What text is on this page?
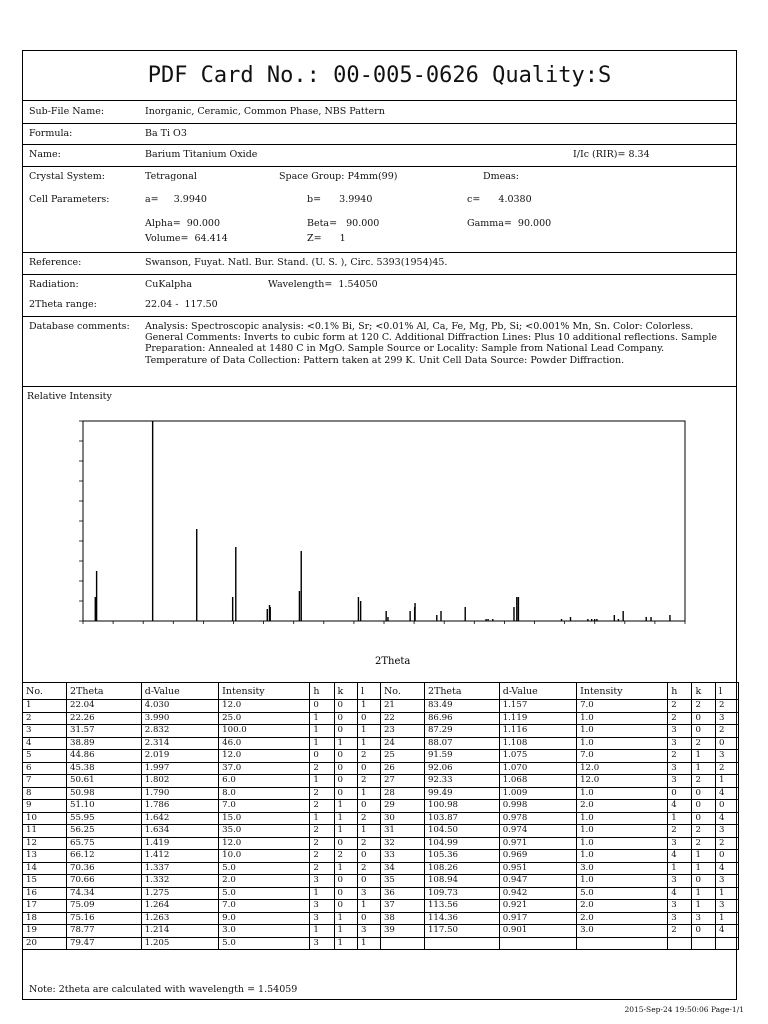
PDF Card No.: 00-005-0626 Quality:S
Sub-File Name:	Inorganic, Ceramic, Common Phase, NBS Pattern
Formula:	Ba Ti O3
Name:	Barium Titanium Oxide	I/Ic (RIR)= 8.34
Crystal System:	Tetragonal	Space Group: P4mm(99)	Dmeas:
Cell Parameters:	a=     3.9940	b=      3.9940	c=      4.0380
Alpha=  90.000	Beta=   90.000	Gamma=  90.000
Volume=  64.414	Z=      1
Reference:	Swanson, Fuyat. Natl. Bur. Stand. (U. S. ), Circ. 5393(1954)45.
Radiation:	CuKalpha	Wavelength=  1.54050
2Theta range:	22.04 -  117.50
Database comments: Analysis: Spectroscopic analysis: <0.1% Bi, Sr; <0.01% Al, Ca, Fe, Mg, Pb, Si; <0.001% Mn, Sn. Color: Colorless. General Comments: Inverts to cubic form at 120 C. Additional Diffraction Lines: Plus 10 additional reflections. Sample Preparation: Annealed at 1480 C in MgO. Sample Source or Locality: Sample from National Lead Company. Temperature of Data Collection: Pattern taken at 299 K. Unit Cell Data Source: Powder Diffraction.
Relative Intensity
2Theta
No.	2Theta	d-Value	Intensity	h	k	l	No.	2Theta	d-Value	Intensity	h	k	l
1	22.04	4.030	12.0	0	0	1	21	83.49	1.157	7.0	2	2	2
2	22.26	3.990	25.0	1	0	0	22	86.96	1.119	1.0	2	0	3
3	31.57	2.832	100.0	1	0	1	23	87.29	1.116	1.0	3	0	2
4	38.89	2.314	46.0	1	1	1	24	88.07	1.108	1.0	3	2	0
5	44.86	2.019	12.0	0	0	2	25	91.59	1.075	7.0	2	1	3
6	45.38	1.997	37.0	2	0	0	26	92.06	1.070	12.0	3	1	2
7	50.61	1.802	6.0	1	0	2	27	92.33	1.068	12.0	3	2	1
8	50.98	1.790	8.0	2	0	1	28	99.49	1.009	1.0	0	0	4
9	51.10	1.786	7.0	2	1	0	29	100.98	0.998	2.0	4	0	0
10	55.95	1.642	15.0	1	1	2	30	103.87	0.978	1.0	1	0	4
11	56.25	1.634	35.0	2	1	1	31	104.50	0.974	1.0	2	2	3
12	65.75	1.419	12.0	2	0	2	32	104.99	0.971	1.0	3	2	2
13	66.12	1.412	10.0	2	2	0	33	105.36	0.969	1.0	4	1	0
14	70.36	1.337	5.0	2	1	2	34	108.26	0.951	3.0	1	1	4
15	70.66	1.332	2.0	3	0	0	35	108.94	0.947	1.0	3	0	3
16	74.34	1.275	5.0	1	0	3	36	109.73	0.942	5.0	4	1	1
17	75.09	1.264	7.0	3	0	1	37	113.56	0.921	2.0	3	1	3
18	75.16	1.263	9.0	3	1	0	38	114.36	0.917	2.0	3	3	1
19	78.77	1.214	3.0	1	1	3	39	117.50	0.901	3.0	2	0	4
20	79.47	1.205	5.0	3	1	1							
Note: 2theta are calculated with wavelength = 1.54059
2015-Sep-24 19:50:06 Page-1/1
